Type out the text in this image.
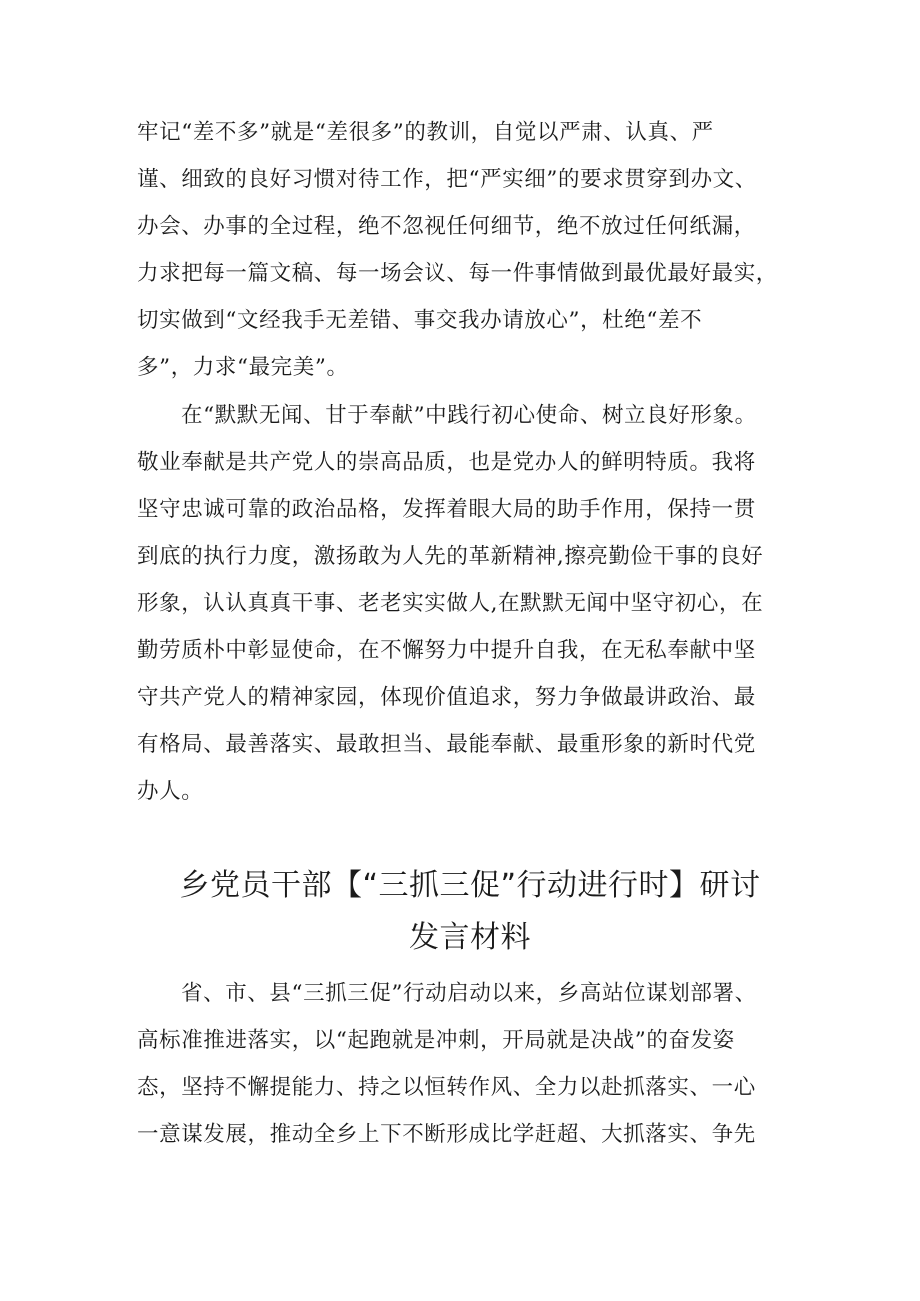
牢记“差不多”就是“差很多”的教训，自觉以严肃、认真、严
谨、细致的良好习惯对待工作，把“严实细”的要求贯穿到办文、
办会、办事的全过程，绝不忽视任何细节，绝不放过任何纸漏，
力求把每一篇文稿、每一场会议、每一件事情做到最优最好最实，
切实做到“文经我手无差错、事交我办请放心”，杜绝“差不
多”，力求“最完美”。

在“默默无闻、甘于奉献”中践行初心使命、树立良好形象。
敬业奉献是共产党人的崇高品质，也是党办人的鲜明特质。我将
坚守忠诚可靠的政治品格，发挥着眼大局的助手作用，保持一贯
到底的执行力度，激扬敢为人先的革新精神,擦亮勤俭干事的良好
形象，认认真真干事、老老实实做人,在默默无闻中坚守初心，在
勤劳质朴中彰显使命，在不懈努力中提升自我，在无私奉献中坚
守共产党人的精神家园，体现价值追求，努力争做最讲政治、最
有格局、最善落实、最敢担当、最能奉献、最重形象的新时代党
办人。

乡党员干部【“三抓三促”行动进行时】研讨
发言材料

省、市、县“三抓三促”行动启动以来，乡高站位谋划部署、
高标准推进落实，以“起跑就是冲刺，开局就是决战”的奋发姿
态，坚持不懈提能力、持之以恒转作风、全力以赴抓落实、一心
一意谋发展，推动全乡上下不断形成比学赶超、大抓落实、争先
